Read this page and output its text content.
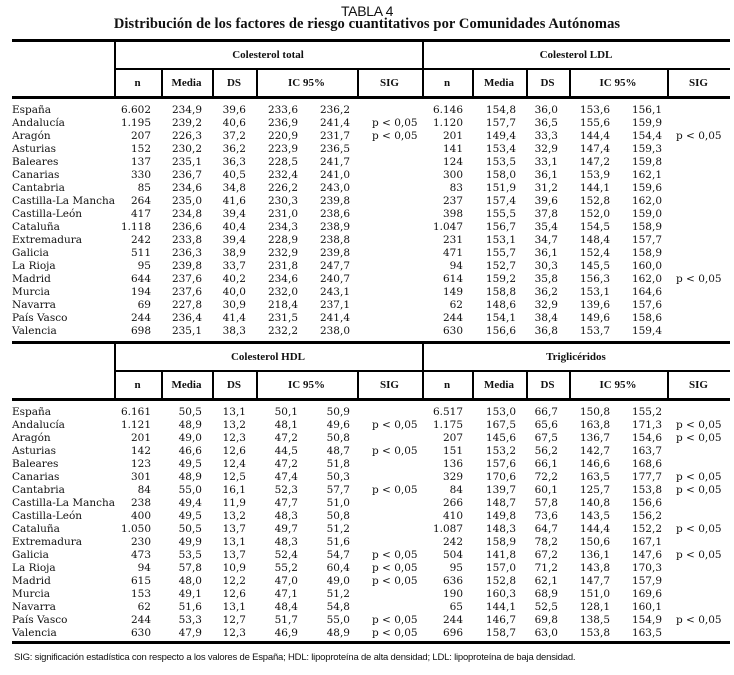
TABLA 4
Distribución de los factores de riesgo cuantitativos por Comunidades Autónomas
Colesterol total
n	Media	DS	IC 95%	SIG
Colesterol LDL
n	Media	DS	IC 95%	SIG
España	6.602 234,9 39,6 233,6 236,2	6.146 154,8 36,0 153,6 156,1
Andalucía	1.195 239,2 40,6 236,9 241,4 p < 0,05 1.120 157,7 36,5 155,6 159,9
Aragón	207 226,3 37,2 220,9 231,7 p < 0,05 201 149,4 33,3 144,4 154,4 p < 0,05
Asturias	152 230,2 36,2 223,9 236,5	141 153,4 32,9 147,4 159,3
Baleares	137 235,1 36,3 228,5 241,7	124 153,5 33,1 147,2 159,8
Canarias	330 236,7 40,5 232,4 241,0	300 158,0 36,1 153,9 162,1
Cantabria	85 234,6 34,8 226,2 243,0	83 151,9 31,2 144,1 159,6
Castilla-La Mancha 264 235,0 41,6 230,3 239,8	237 157,4 39,6 152,8 162,0
Castilla-León	417 234,8 39,4 231,0 238,6	398 155,5 37,8 152,0 159,0
Cataluña	1.118 236,6 40,4 234,3 238,9	1.047 156,7 35,4 154,5 158,9
Extremadura	242 233,8 39,4 228,9 238,8	231 153,1 34,7 148,4 157,7
Galicia	511 236,3 38,9 232,9 239,8	471 155,7 36,1 152,4 158,9
La Rioja	95 239,8 33,7 231,8 247,7	94 152,7 30,3 145,5 160,0
Madrid	644 237,6 40,2 234,6 240,7	614 159,2 35,8 156,3 162,0 p < 0,05
Murcia	194 237,6 40,0 232,0 243,1	149 158,8 36,2 153,1 164,6
Navarra	69 227,8 30,9 218,4 237,1	62 148,6 32,9 139,6 157,6
País Vasco	244 236,4 41,4 231,5 241,4	244 154,1 38,4 149,6 158,6
Valencia	698 235,1 38,3 232,2 238,0	630 156,6 36,8 153,7 159,4
Colesterol HDL
n	Media	DS	IC 95%	SIG
Triglicéridos
n	Media	DS	IC 95%	SIG
España	6.161	50,5 13,1	50,1	50,9	6.517 153,0 66,7 150,8 155,2
Andalucía	1.121	48,9 13,2	48,1	49,6 p < 0,05 1.175 167,5 65,6 163,8 171,3 p < 0,05
Aragón	201	49,0 12,3	47,2	50,8	207 145,6 67,5 136,7 154,6 p < 0,05
Asturias	142	46,6 12,6	44,5	48,7 p < 0,05 151 153,2 56,2 142,7 163,7
Baleares	123	49,5 12,4	47,2	51,8	136 157,6 66,1 146,6 168,6
Canarias	301	48,9 12,5	47,4	50,3	329 170,6 72,2 163,5 177,7 p < 0,05
Cantabria	84	55,0 16,1	52,3	57,7 p < 0,05	84 139,7 60,1 125,7 153,8 p < 0,05
Castilla-La Mancha 238	49,4 11,9	47,7	51,0	266 148,7 57,8 140,8 156,6
Castilla-León	400	49,5 13,2	48,3	50,8	410 149,8 73,6 143,5 156,2
Cataluña	1.050	50,5 13,7	49,7	51,2	1.087 148,3 64,7 144,4 152,2 p < 0,05
Extremadura	230	49,9 13,1	48,3	51,6	242 158,9 78,2 150,6 167,1
Galicia	473	53,5 13,7	52,4	54,7 p < 0,05 504 141,8 67,2 136,1 147,6 p < 0,05
La Rioja	94	57,8 10,9	55,2	60,4 p < 0,05	95 157,0 71,2 143,8 170,3
Madrid	615	48,0 12,2	47,0	49,0 p < 0,05 636 152,8 62,1 147,7 157,9
Murcia	153	49,1 12,6	47,1	51,2	190 160,3 68,9 151,0 169,6
Navarra	62	51,6 13,1	48,4	54,8	65 144,1 52,5 128,1 160,1
País Vasco	244	53,3 12,7	51,7	55,0 p < 0,05 244 146,7 69,8 138,5 154,9 p < 0,05
Valencia	630	47,9 12,3	46,9	48,9 p < 0,05 696 158,7 63,0 153,8 163,5
SIG: significación estadística con respecto a los valores de España; HDL: lipoproteína de alta densidad; LDL: lipoproteína de baja densidad.
